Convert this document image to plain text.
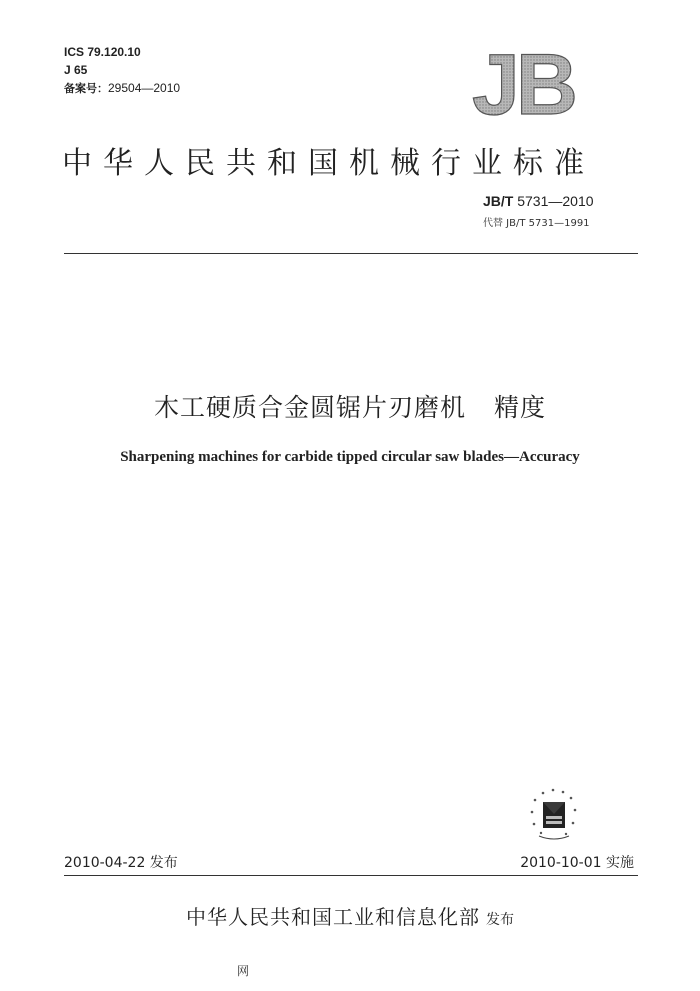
ICS 79.120.10
J 65
备案号：29504—2010	JB
中华人民共和国机械行业标准
JB/T 5731—2010
代替 JB/T 5731—1991
木工硬质合金圆锯片刃磨机 精度
Sharpening machines for carbide tipped circular saw blades—Accuracy
2010-04-22 发布	2010-10-01 实施
中华人民共和国工业和信息化部 发布
网
